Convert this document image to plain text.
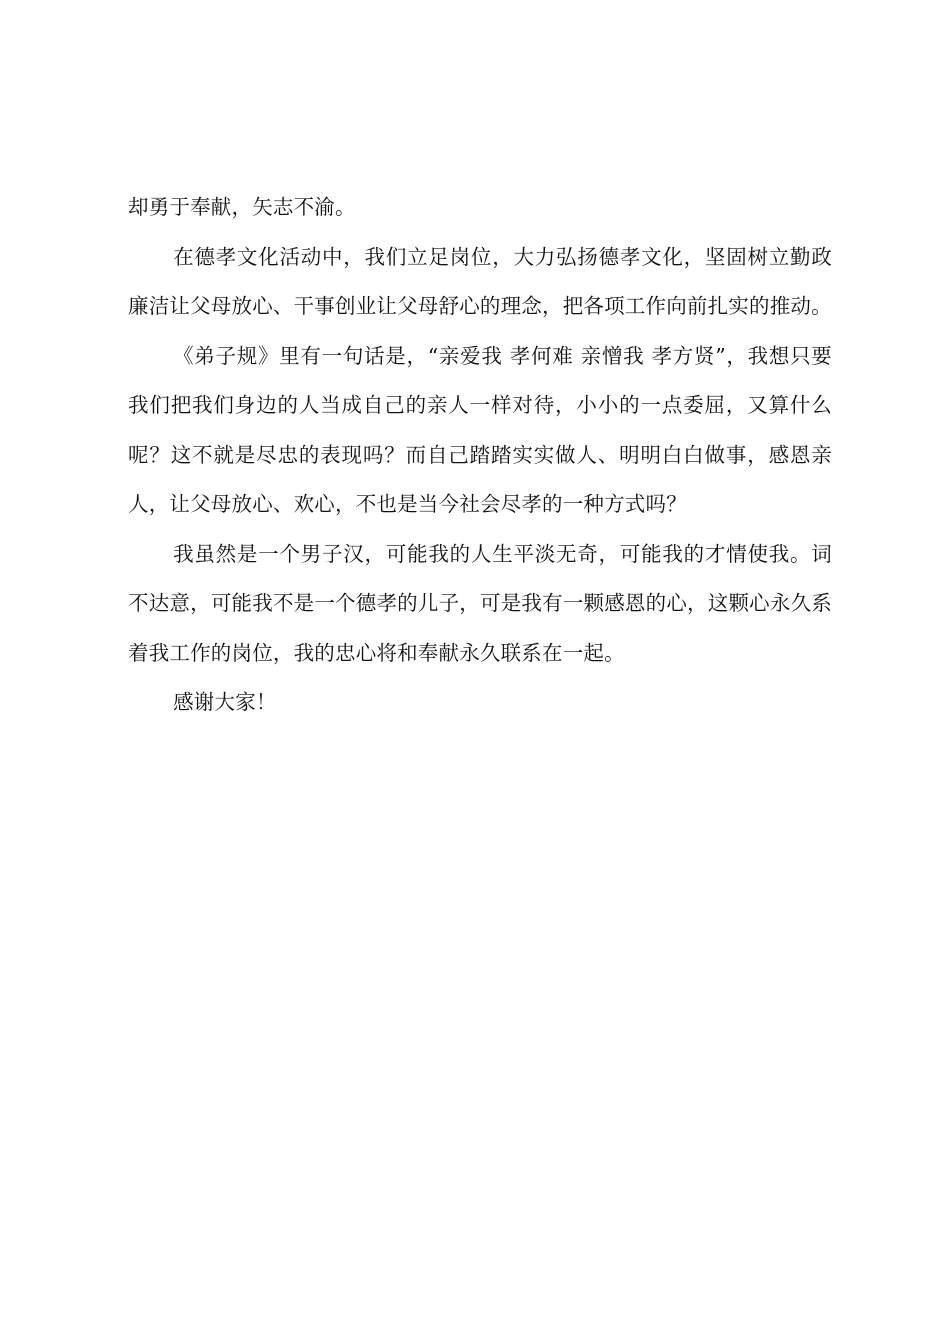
却勇于奉献，矢志不渝。

在德孝文化活动中，我们立足岗位，大力弘扬德孝文化，坚固树立勤政廉洁让父母放心、干事创业让父母舒心的理念，把各项工作向前扎实的推动。

《弟子规》里有一句话是，“亲爱我 孝何难 亲憎我 孝方贤”，我想只要我们把我们身边的人当成自己的亲人一样对待，小小的一点委屈，又算什么呢？这不就是尽忠的表现吗？而自己踏踏实实做人、明明白白做事，感恩亲人，让父母放心、欢心，不也是当今社会尽孝的一种方式吗？

我虽然是一个男子汉，可能我的人生平淡无奇，可能我的才情使我。词不达意，可能我不是一个德孝的儿子，可是我有一颗感恩的心，这颗心永久系着我工作的岗位，我的忠心将和奉献永久联系在一起。

感谢大家！
